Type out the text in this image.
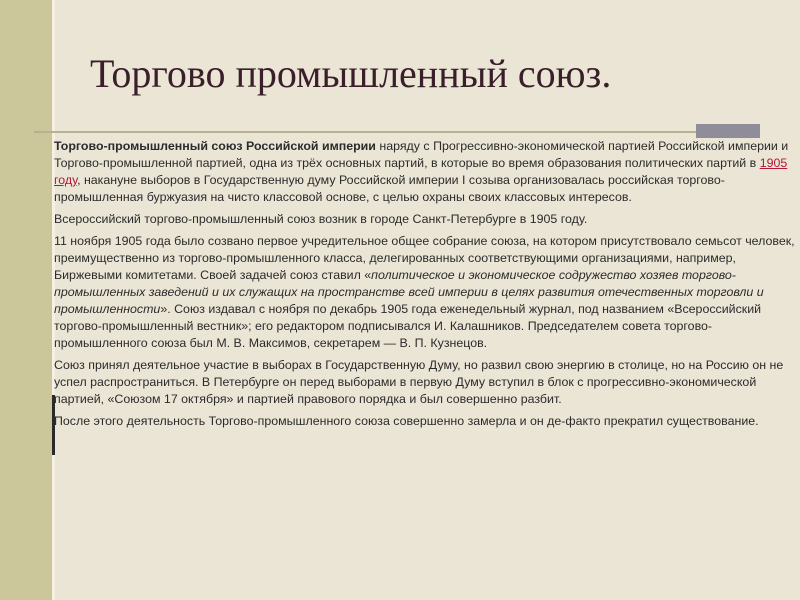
Торгово промышленный союз.

Торгово-промышленный союз Российской империи наряду с Прогрессивно-экономической партией Российской империи и Торгово-промышленной партией, одна из трёх основных партий, в которые во время образования политических партий в 1905 году, накануне выборов в Государственную думу Российской империи I созыва организовалась российская торгово-промышленная буржуазия на чисто классовой основе, с целью охраны своих классовых интересов.

Всероссийский торгово-промышленный союз возник в городе Санкт-Петербурге в 1905 году.

11 ноября 1905 года было созвано первое учредительное общее собрание союза, на котором присутствовало семьсот человек, преимущественно из торгово-промышленного класса, делегированных соответствующими организациями, например, Биржевыми комитетами. Своей задачей союз ставил «политическое и экономическое содружество хозяев торгово-промышленных заведений и их служащих на пространстве всей империи в целях развития отечественных торговли и промышленности». Союз издавал с ноября по декабрь 1905 года еженедельный журнал, под названием «Всероссийский торгово-промышленный вестник»; его редактором подписывался И. Калашников. Председателем совета торгово-промышленного союза был М. В. Максимов, секретарем — В. П. Кузнецов.

Союз принял деятельное участие в выборах в Государственную Думу, но развил свою энергию в столице, но на Россию он не успел распространиться. В Петербурге он перед выборами в первую Думу вступил в блок с прогрессивно-экономической партией, «Союзом 17 октября» и партией правового порядка и был совершенно разбит.

После этого деятельность Торгово-промышленного союза совершенно замерла и он де-факто прекратил существование.
